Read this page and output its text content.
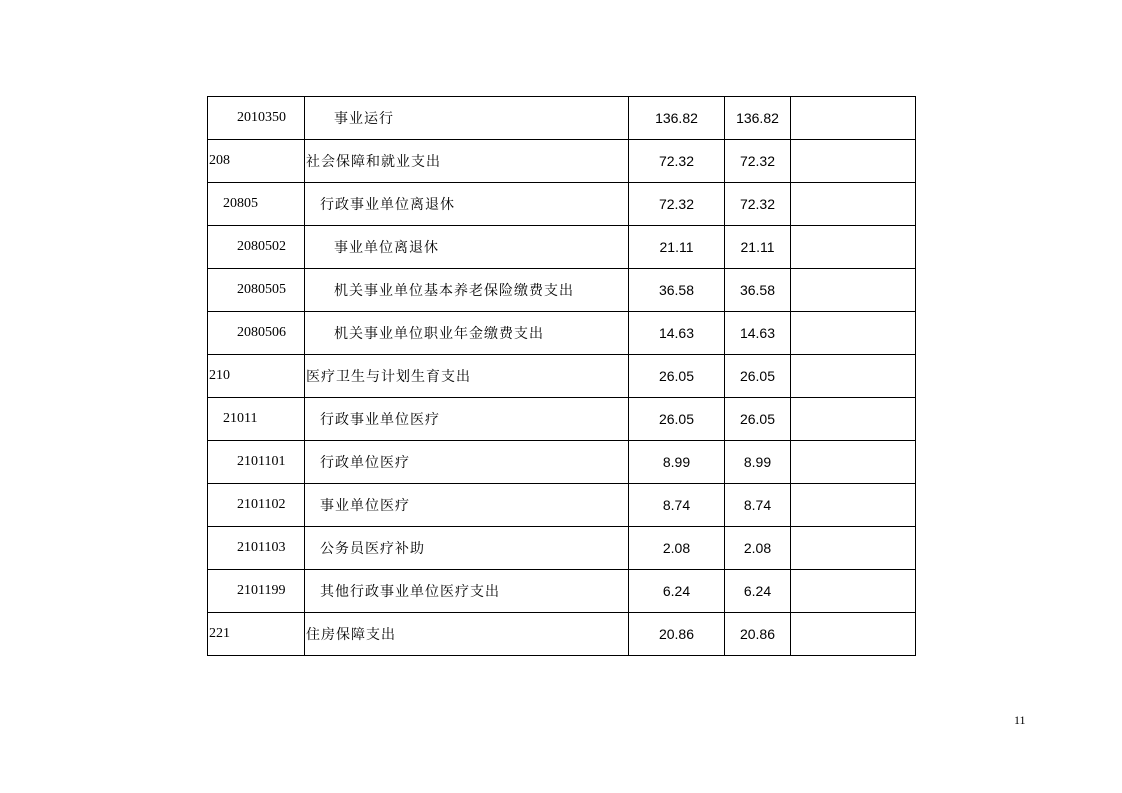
2010350	事业运行	136.82	136.82	
208	社会保障和就业支出	72.32	72.32	
20805	行政事业单位离退休	72.32	72.32	
2080502	事业单位离退休	21.11	21.11	
2080505	机关事业单位基本养老保险缴费支出	36.58	36.58	
2080506	机关事业单位职业年金缴费支出	14.63	14.63	
210	医疗卫生与计划生育支出	26.05	26.05	
21011	行政事业单位医疗	26.05	26.05	
2101101	行政单位医疗	8.99	8.99	
2101102	事业单位医疗	8.74	8.74	
2101103	公务员医疗补助	2.08	2.08	
2101199	其他行政事业单位医疗支出	6.24	6.24	
221	住房保障支出	20.86	20.86	
11
